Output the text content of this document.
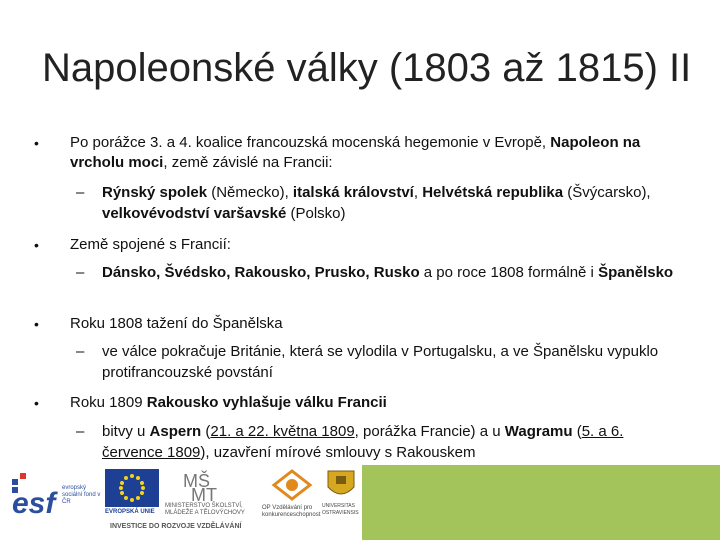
Napoleonské války (1803 až 1815) II
• Po porážce 3. a 4. koalice francouzská mocenská hegemonie v Evropě, Napoleon na vrcholu moci, země závislé na Francii:
– Rýnský spolek (Německo), italská království, Helvétská republika (Švýcarsko), velkovévodství varšavské (Polsko)
• Země spojené s Francií:
– Dánsko, Švédsko, Rakousko, Prusko, Rusko a po roce 1808 formálně i Španělsko
• Roku 1808 tažení do Španělska
– ve válce pokračuje Británie, která se vylodila v Portugalsku, a ve Španělsku vypuklo protifrancouzské povstání
• Roku 1809 Rakousko vyhlašuje válku Francii
– bitvy u Aspern (21. a 22. května 1809, porážka Francie) a u Wagramu (5. a 6. července 1809), uzavření mírové smlouvy s Rakouskem
esf	evropský sociální fond v ČR
EVROPSKÁ UNIE
MŠ
MT
MINISTERSTVO ŠKOLSTVÍ, MLÁDEŽE A TĚLOVÝCHOVY
OP Vzdělávání pro konkurenceschopnost
UNIVERSITAS OSTRAVIENSIS
INVESTICE DO ROZVOJE VZDĚLÁVÁNÍ
